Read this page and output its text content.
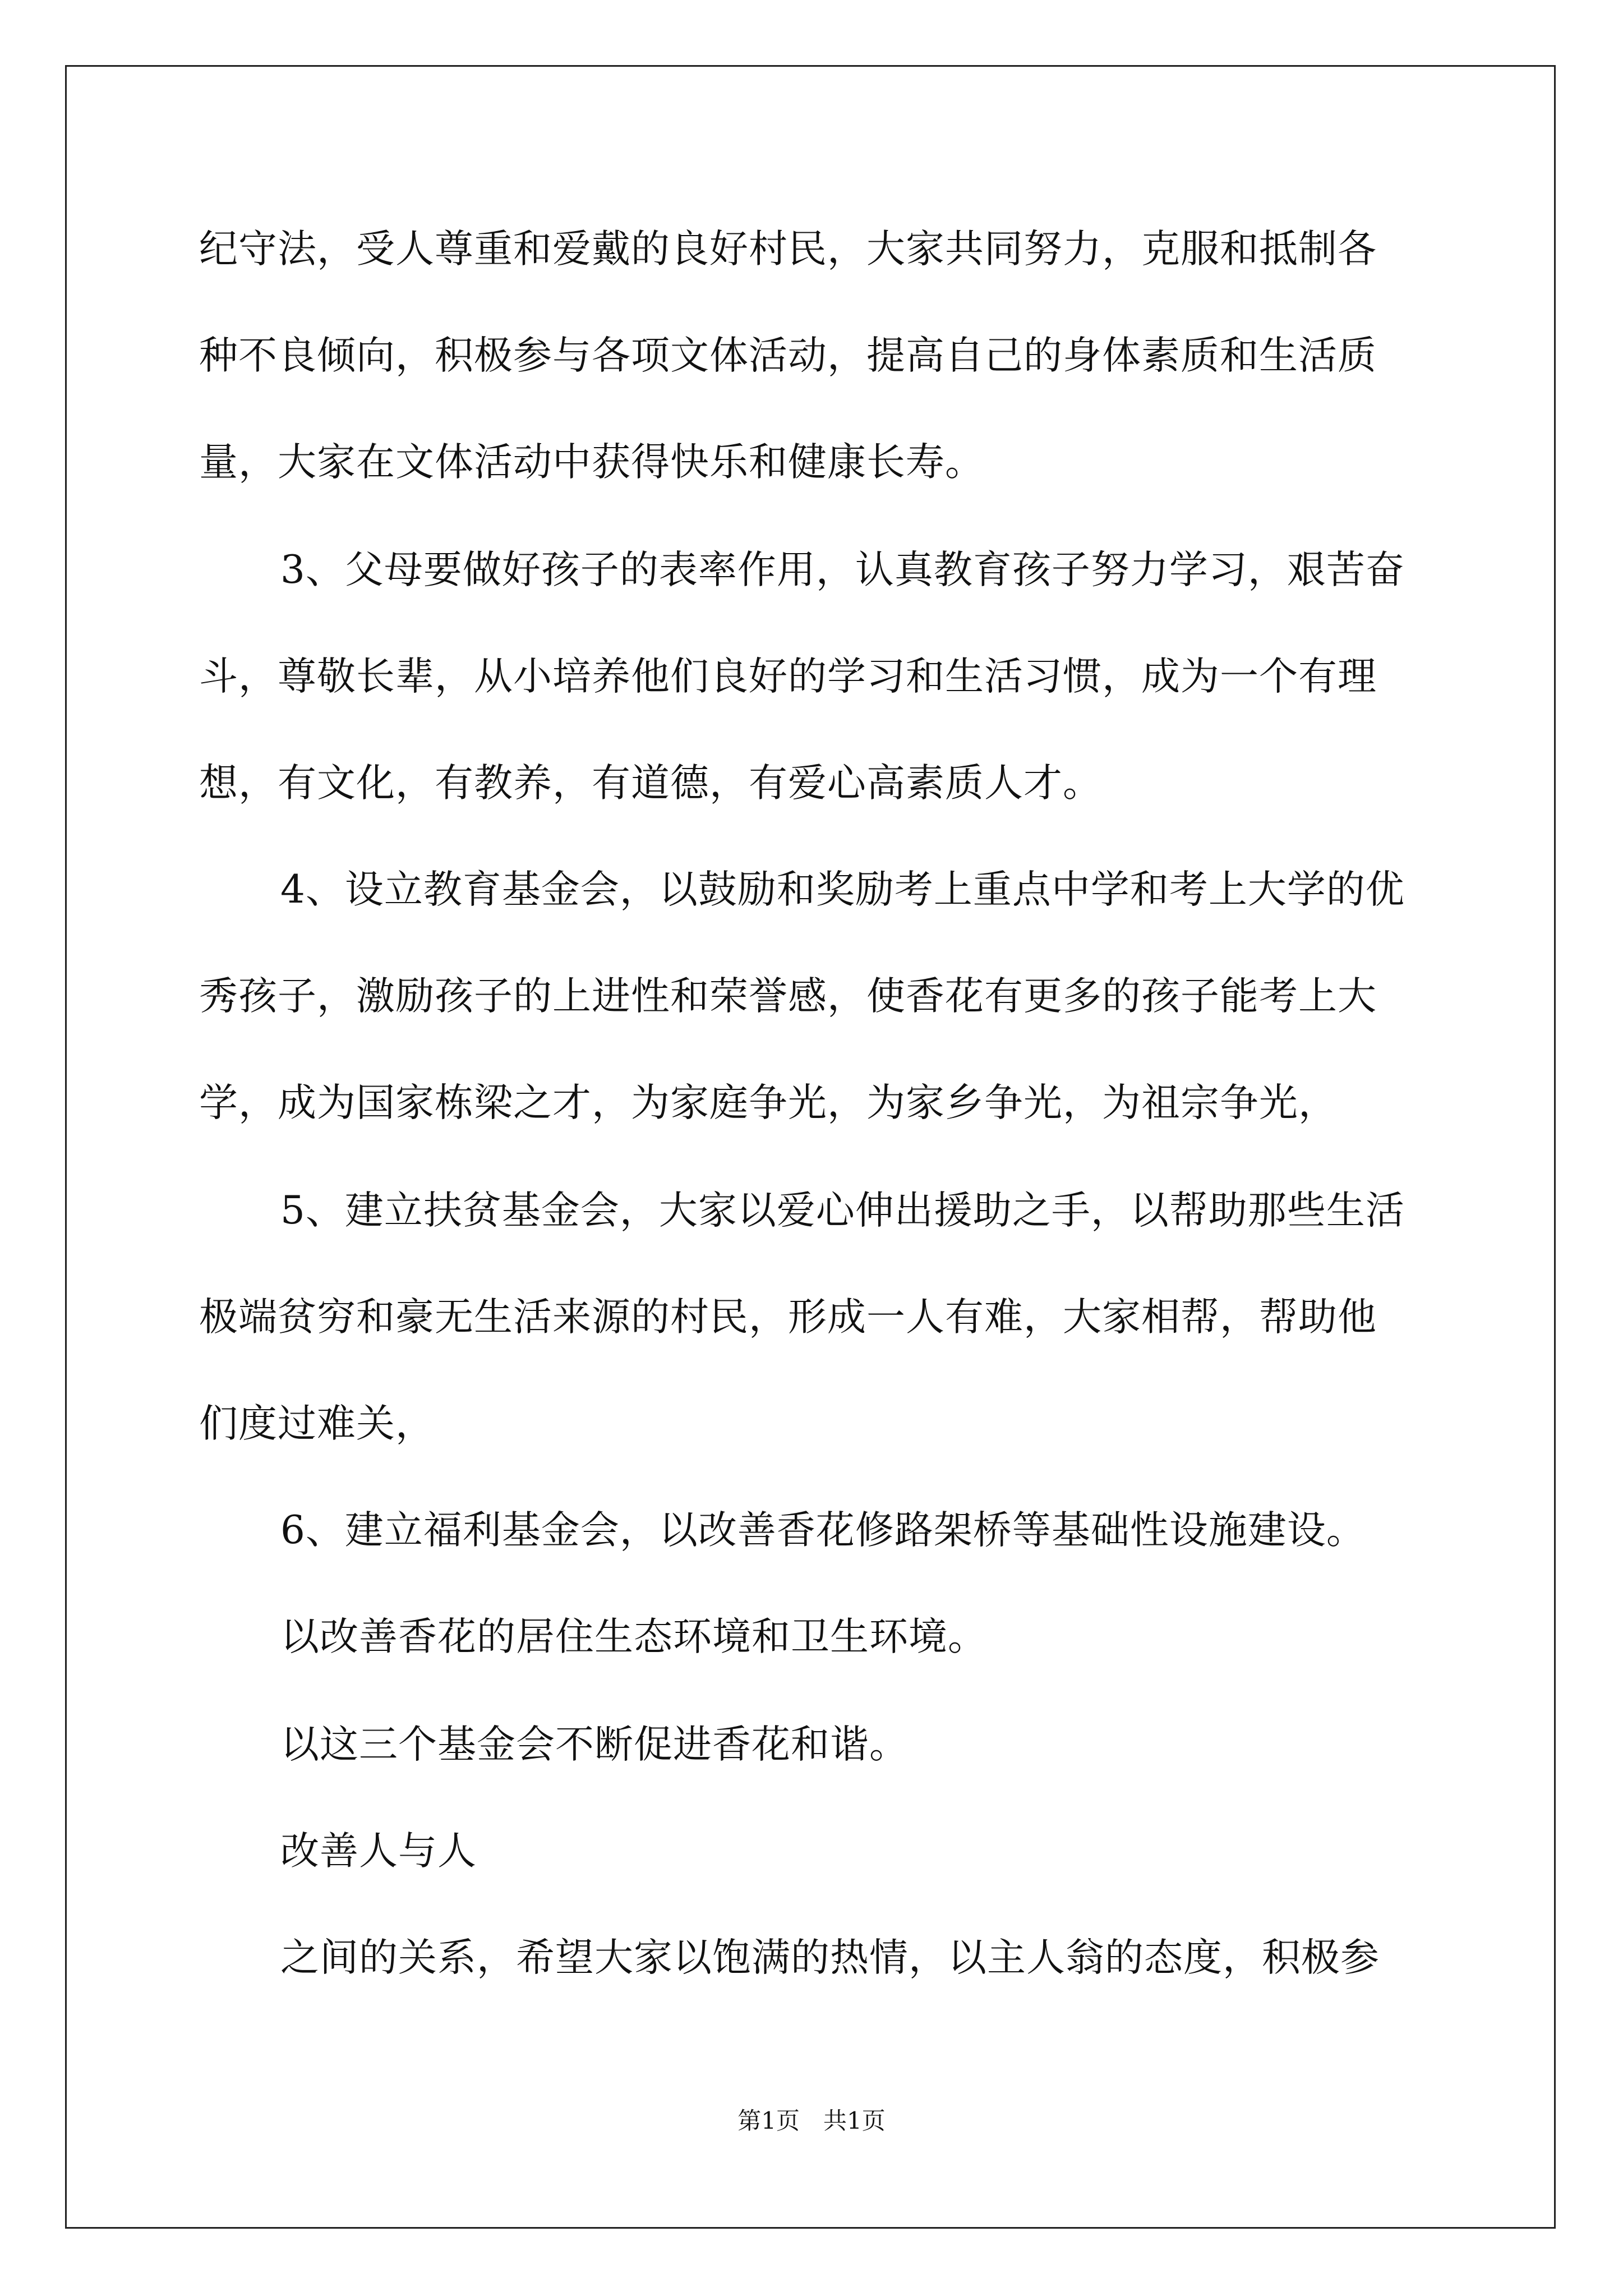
纪守法，受人尊重和爱戴的良好村民，大家共同努力，克服和抵制各
种不良倾向，积极参与各项文体活动，提高自己的身体素质和生活质
量，大家在文体活动中获得快乐和健康长寿。
3、父母要做好孩子的表率作用，认真教育孩子努力学习，艰苦奋
斗，尊敬长辈，从小培养他们良好的学习和生活习惯，成为一个有理
想，有文化，有教养，有道德，有爱心高素质人才。
4、设立教育基金会，以鼓励和奖励考上重点中学和考上大学的优
秀孩子，激励孩子的上进性和荣誉感，使香花有更多的孩子能考上大
学，成为国家栋梁之才，为家庭争光，为家乡争光，为祖宗争光，
5、建立扶贫基金会，大家以爱心伸出援助之手，以帮助那些生活
极端贫穷和豪无生活来源的村民，形成一人有难，大家相帮，帮助他
们度过难关，
6、建立福利基金会，以改善香花修路架桥等基础性设施建设。
以改善香花的居住生态环境和卫生环境。
以这三个基金会不断促进香花和谐。
改善人与人
之间的关系，希望大家以饱满的热情，以主人翁的态度，积极参
第1页　共1页
